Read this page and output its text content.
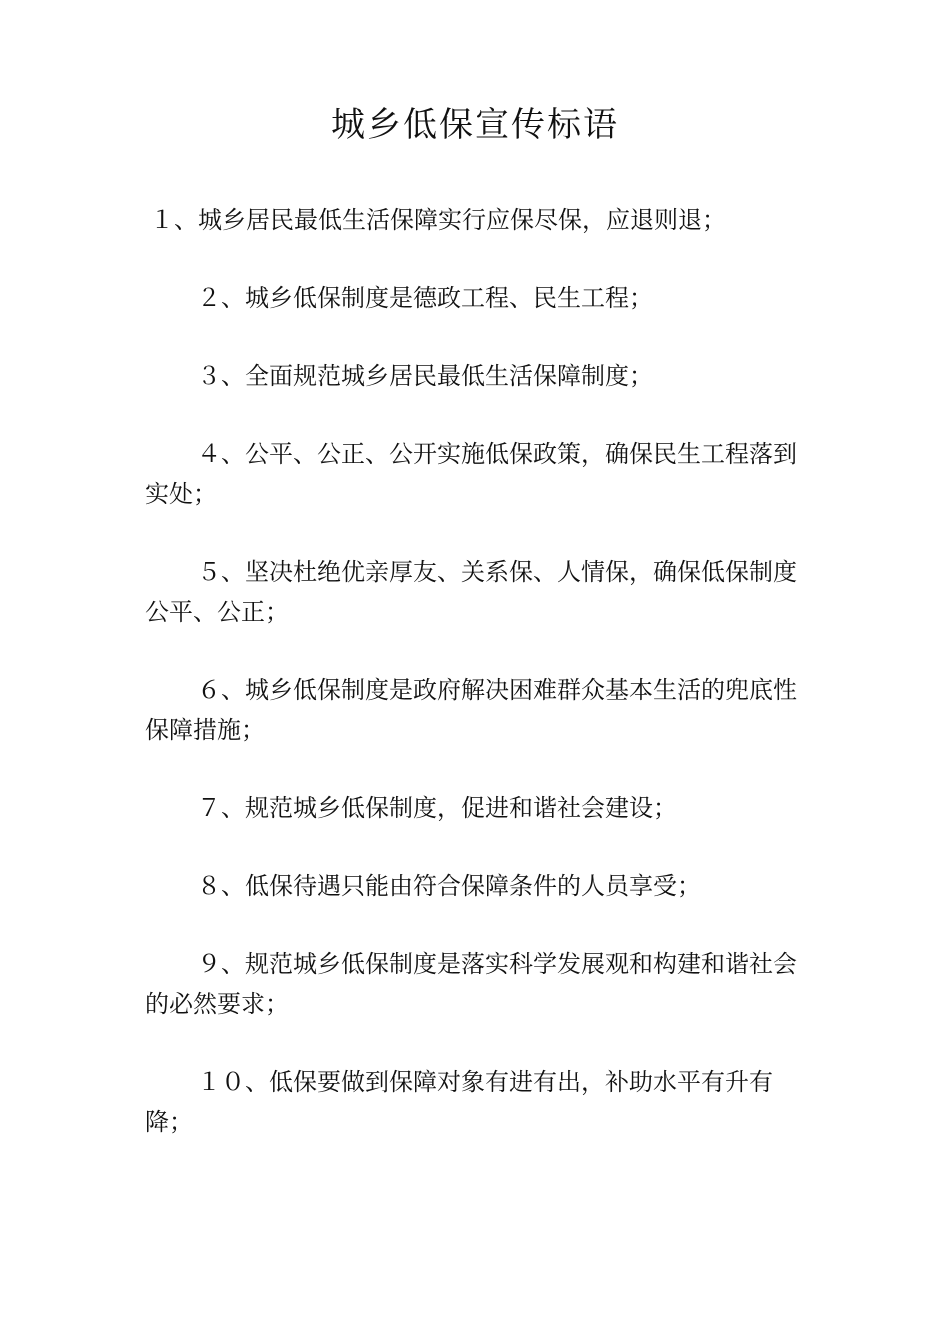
城乡低保宣传标语
１、城乡居民最低生活保障实行应保尽保，应退则退；
２、城乡低保制度是德政工程、民生工程；
３、全面规范城乡居民最低生活保障制度；
４、公平、公正、公开实施低保政策，确保民生工程落到实处；
５、坚决杜绝优亲厚友、关系保、人情保，确保低保制度公平、公正；
６、城乡低保制度是政府解决困难群众基本生活的兜底性保障措施；
７、规范城乡低保制度，促进和谐社会建设；
８、低保待遇只能由符合保障条件的人员享受；
９、规范城乡低保制度是落实科学发展观和构建和谐社会的必然要求；
１０、低保要做到保障对象有进有出，补助水平有升有降；
